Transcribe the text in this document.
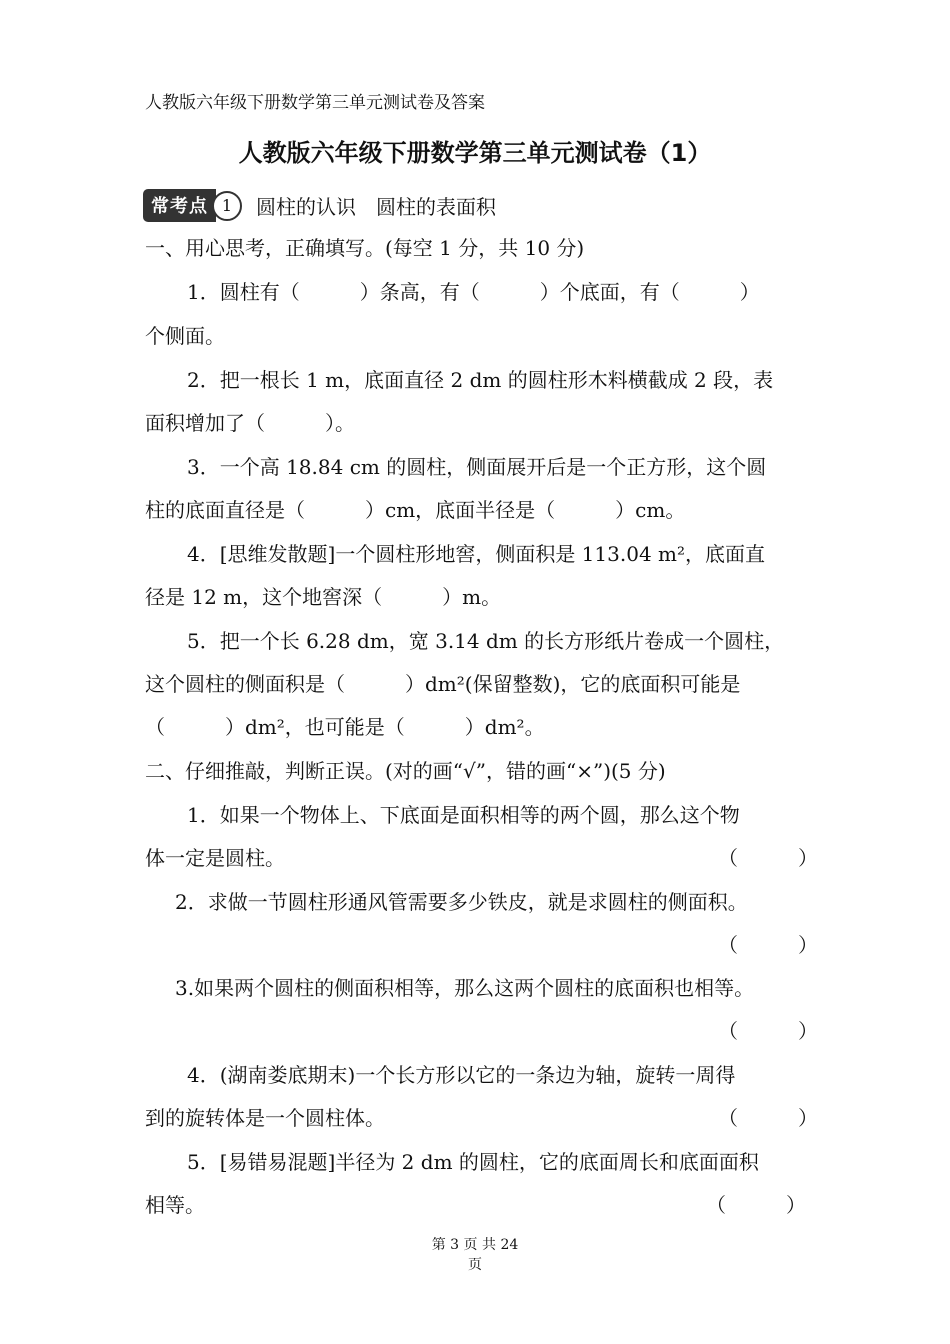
人教版六年级下册数学第三单元测试卷及答案
人教版六年级下册数学第三单元测试卷（1）
常考点 1	圆柱的认识　圆柱的表面积
一、用心思考，正确填写。(每空 1 分，共 10 分)
1．圆柱有（　　　）条高，有（　　　）个底面，有（　　　）
个侧面。
2．把一根长 1 m，底面直径 2 dm 的圆柱形木料横截成 2 段，表
面积增加了（　　　）。
3．一个高 18.84 cm 的圆柱，侧面展开后是一个正方形，这个圆
柱的底面直径是（　　　）cm，底面半径是（　　　）cm。
4．[思维发散题]一个圆柱形地窖，侧面积是 113.04 m²，底面直
径是 12 m，这个地窖深（　　　）m。
5．把一个长 6.28 dm，宽 3.14 dm 的长方形纸片卷成一个圆柱，
这个圆柱的侧面积是（　　　）dm²(保留整数)，它的底面积可能是
（　　　）dm²，也可能是（　　　）dm²。
二、仔细推敲，判断正误。(对的画“√”，错的画“×”)(5 分)
1．如果一个物体上、下底面是面积相等的两个圆，那么这个物
体一定是圆柱。	（　　　）
2．求做一节圆柱形通风管需要多少铁皮，就是求圆柱的侧面积。
（　　　）
3.如果两个圆柱的侧面积相等，那么这两个圆柱的底面积也相等。
（　　　）
4．(湖南娄底期末)一个长方形以它的一条边为轴，旋转一周得
到的旋转体是一个圆柱体。	（　　　）
5．[易错易混题]半径为 2 dm 的圆柱，它的底面周长和底面面积
相等。	（　　　）
第 3 页 共 24
页
